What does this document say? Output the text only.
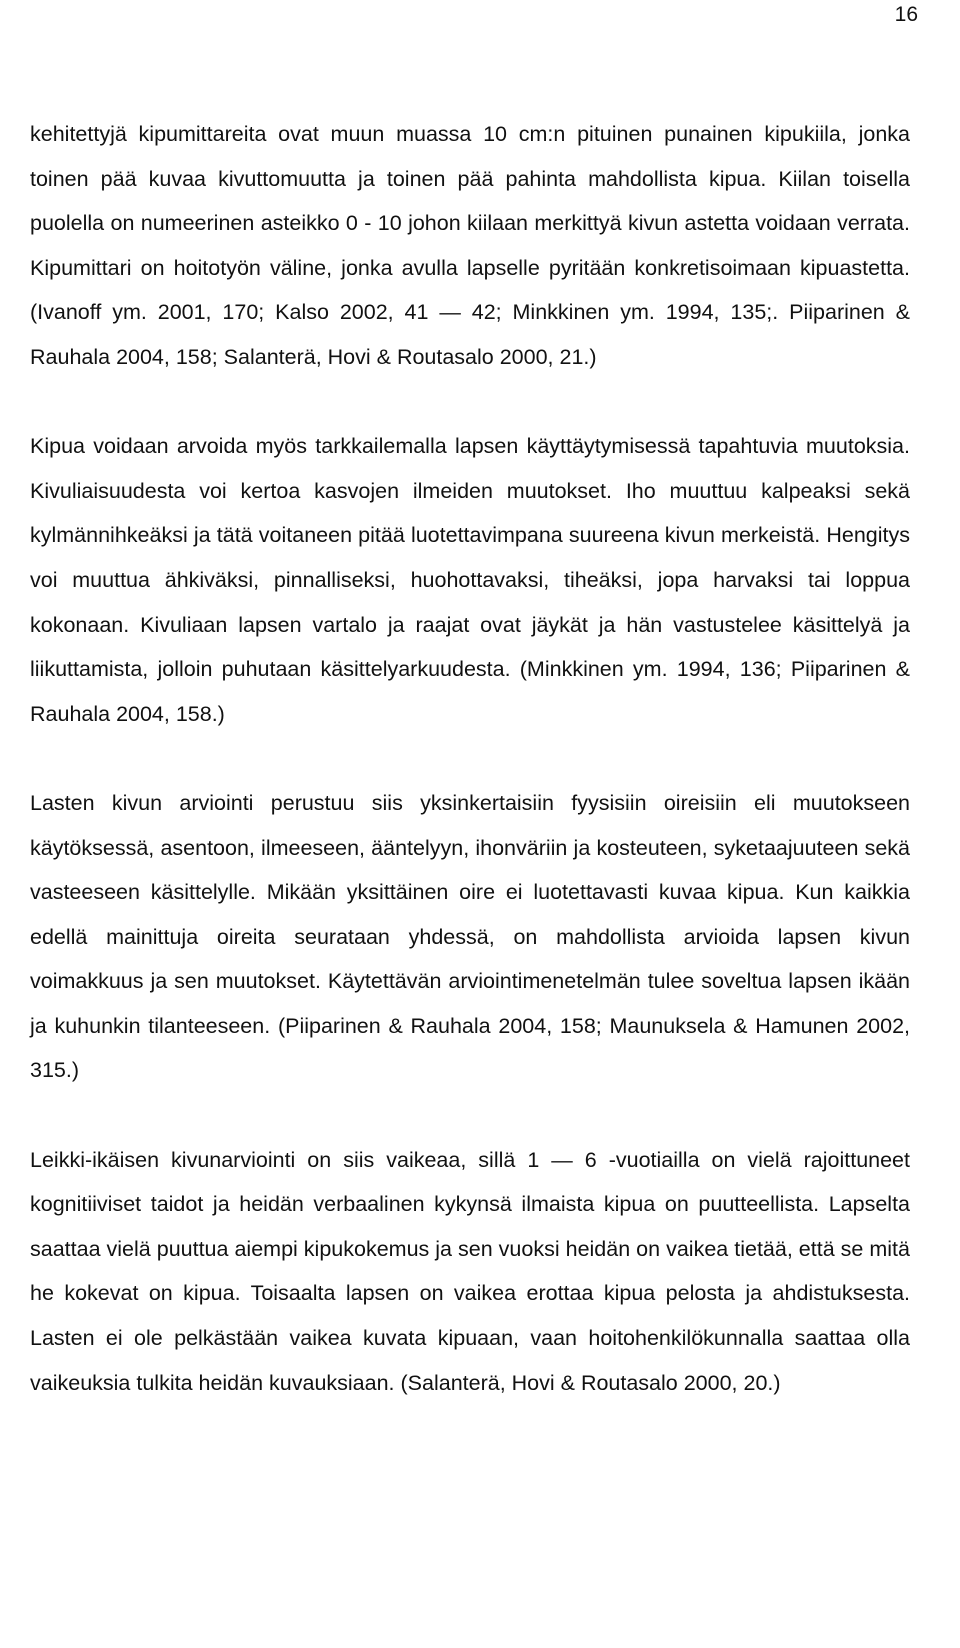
16

kehitettyjä kipumittareita ovat muun muassa 10 cm:n pituinen punainen kipukiila, jonka toinen pää kuvaa kivuttomuutta ja toinen pää pahinta mahdollista kipua. Kiilan toisella puolella on numeerinen asteikko 0 - 10 johon kiilaan merkittyä kivun astetta voidaan verrata. Kipumittari on hoitotyön väline, jonka avulla lapselle pyritään konkretisoimaan kipuastetta. (Ivanoff ym. 2001, 170; Kalso 2002, 41 — 42; Minkkinen ym. 1994, 135;. Piiparinen & Rauhala 2004, 158; Salanterä, Hovi & Routasalo 2000, 21.)

Kipua voidaan arvoida myös tarkkailemalla lapsen käyttäytymisessä tapahtuvia muutoksia. Kivuliaisuudesta voi kertoa kasvojen ilmeiden muutokset. Iho muuttuu kalpeaksi sekä kylmännihkeäksi ja tätä voitaneen pitää luotettavimpana suureena kivun merkeistä. Hengitys voi muuttua ähkiväksi, pinnalliseksi, huohottavaksi, tiheäksi, jopa harvaksi tai loppua kokonaan. Kivuliaan lapsen vartalo ja raajat ovat jäykät ja hän vastustelee käsittelyä ja liikuttamista, jolloin puhutaan käsittelyarkuudesta. (Minkkinen ym. 1994, 136; Piiparinen & Rauhala 2004, 158.)

Lasten kivun arviointi perustuu siis yksinkertaisiin fyysisiin oireisiin eli muutokseen käytöksessä, asentoon, ilmeeseen, ääntelyyn, ihonväriin ja kosteuteen, syketaajuuteen sekä vasteeseen käsittelylle. Mikään yksittäinen oire ei luotettavasti kuvaa kipua. Kun kaikkia edellä mainittuja oireita seurataan yhdessä, on mahdollista arvioida lapsen kivun voimakkuus ja sen muutokset. Käytettävän arviointimenetelmän tulee soveltua lapsen ikään ja kuhunkin tilanteeseen. (Piiparinen & Rauhala 2004, 158; Maunuksela & Hamunen 2002, 315.)

Leikki-ikäisen kivunarviointi on siis vaikeaa, sillä 1 — 6 -vuotiailla on vielä rajoittuneet kognitiiviset taidot ja heidän verbaalinen kykynsä ilmaista kipua on puutteellista. Lapselta saattaa vielä puuttua aiempi kipukokemus ja sen vuoksi heidän on vaikea tietää, että se mitä he kokevat on kipua. Toisaalta lapsen on vaikea erottaa kipua pelosta ja ahdistuksesta. Lasten ei ole pelkästään vaikea kuvata kipuaan, vaan hoitohenkilökunnalla saattaa olla vaikeuksia tulkita heidän kuvauksiaan. (Salanterä, Hovi & Routasalo 2000, 20.)
